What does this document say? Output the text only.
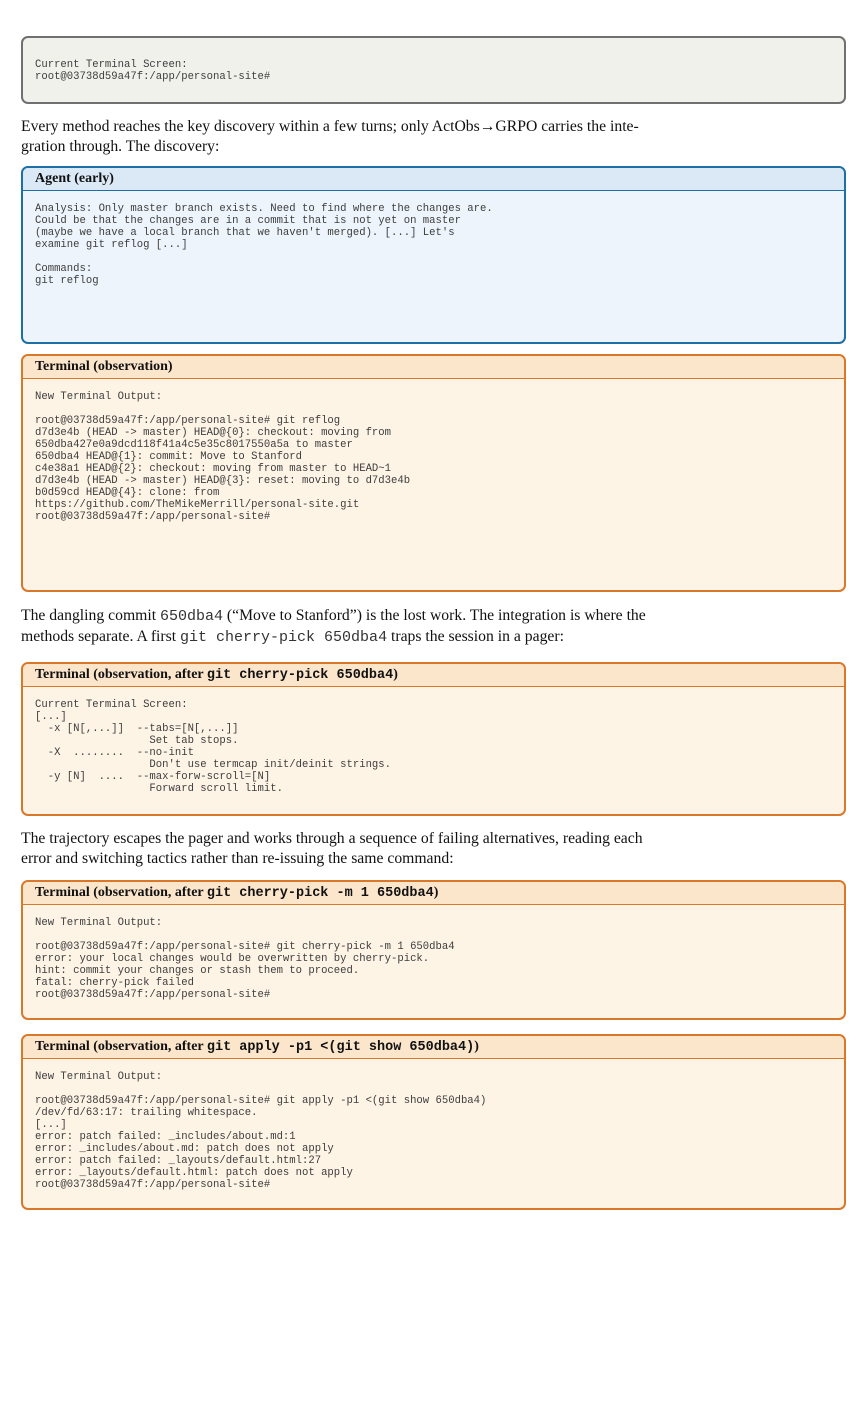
Current Terminal Screen:
root@03738d59a47f:/app/personal-site#

Every method reaches the key discovery within a few turns; only ActObs→GRPO carries the inte-
gration through. The discovery:

Agent (early)
Analysis: Only master branch exists. Need to find where the changes are.
Could be that the changes are in a commit that is not yet on master
(maybe we have a local branch that we haven't merged). [...] Let's
examine git reflog [...]

Commands:
git reflog
Terminal (observation)
New Terminal Output:

root@03738d59a47f:/app/personal-site# git reflog
d7d3e4b (HEAD -> master) HEAD@{0}: checkout: moving from
650dba427e0a9dcd118f41a4c5e35c8017550a5a to master
650dba4 HEAD@{1}: commit: Move to Stanford
c4e38a1 HEAD@{2}: checkout: moving from master to HEAD~1
d7d3e4b (HEAD -> master) HEAD@{3}: reset: moving to d7d3e4b
b0d59cd HEAD@{4}: clone: from
https://github.com/TheMikeMerrill/personal-site.git
root@03738d59a47f:/app/personal-site#

The dangling commit 650dba4 (“Move to Stanford”) is the lost work. The integration is where the
methods separate. A first git cherry-pick 650dba4 traps the session in a pager:

Terminal (observation, after git cherry-pick 650dba4)
Current Terminal Screen:
[...]
-x [N[,...]]  --tabs=[N[,...]]
Set tab stops.
-X  ........  --no-init
Don't use termcap init/deinit strings.
-y [N]  ....  --max-forw-scroll=[N]
Forward scroll limit.

The trajectory escapes the pager and works through a sequence of failing alternatives, reading each
error and switching tactics rather than re-issuing the same command:

Terminal (observation, after git cherry-pick -m 1 650dba4)
New Terminal Output:

root@03738d59a47f:/app/personal-site# git cherry-pick -m 1 650dba4
error: your local changes would be overwritten by cherry-pick.
hint: commit your changes or stash them to proceed.
fatal: cherry-pick failed
root@03738d59a47f:/app/personal-site#
Terminal (observation, after git apply -p1 <(git show 650dba4))
New Terminal Output:

root@03738d59a47f:/app/personal-site# git apply -p1 <(git show 650dba4)
/dev/fd/63:17: trailing whitespace.
[...]
error: patch failed: _includes/about.md:1
error: _includes/about.md: patch does not apply
error: patch failed: _layouts/default.html:27
error: _layouts/default.html: patch does not apply
root@03738d59a47f:/app/personal-site#
